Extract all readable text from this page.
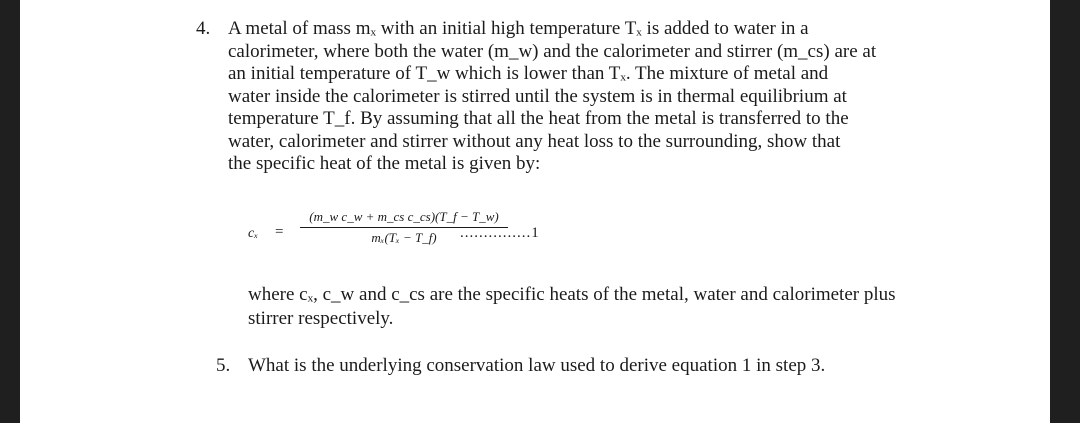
4. A metal of mass mₓ with an initial high temperature Tₓ is added to water in a
calorimeter, where both the water (m_w) and the calorimeter and stirrer (m_cs) are at
an initial temperature of T_w which is lower than Tₓ. The mixture of metal and
water inside the calorimeter is stirred until the system is in thermal equilibrium at
temperature T_f. By assuming that all the heat from the metal is transferred to the
water, calorimeter and stirrer without any heat loss to the surrounding, show that
the specific heat of the metal is given by:
cₓ =
(m_w c_w + m_cs c_cs)(T_f − T_w)
mₓ(Tₓ − T_f)	...............1
where cₓ, c_w and c_cs are the specific heats of the metal, water and calorimeter plus
stirrer respectively.
5. What is the underlying conservation law used to derive equation 1 in step 3.
